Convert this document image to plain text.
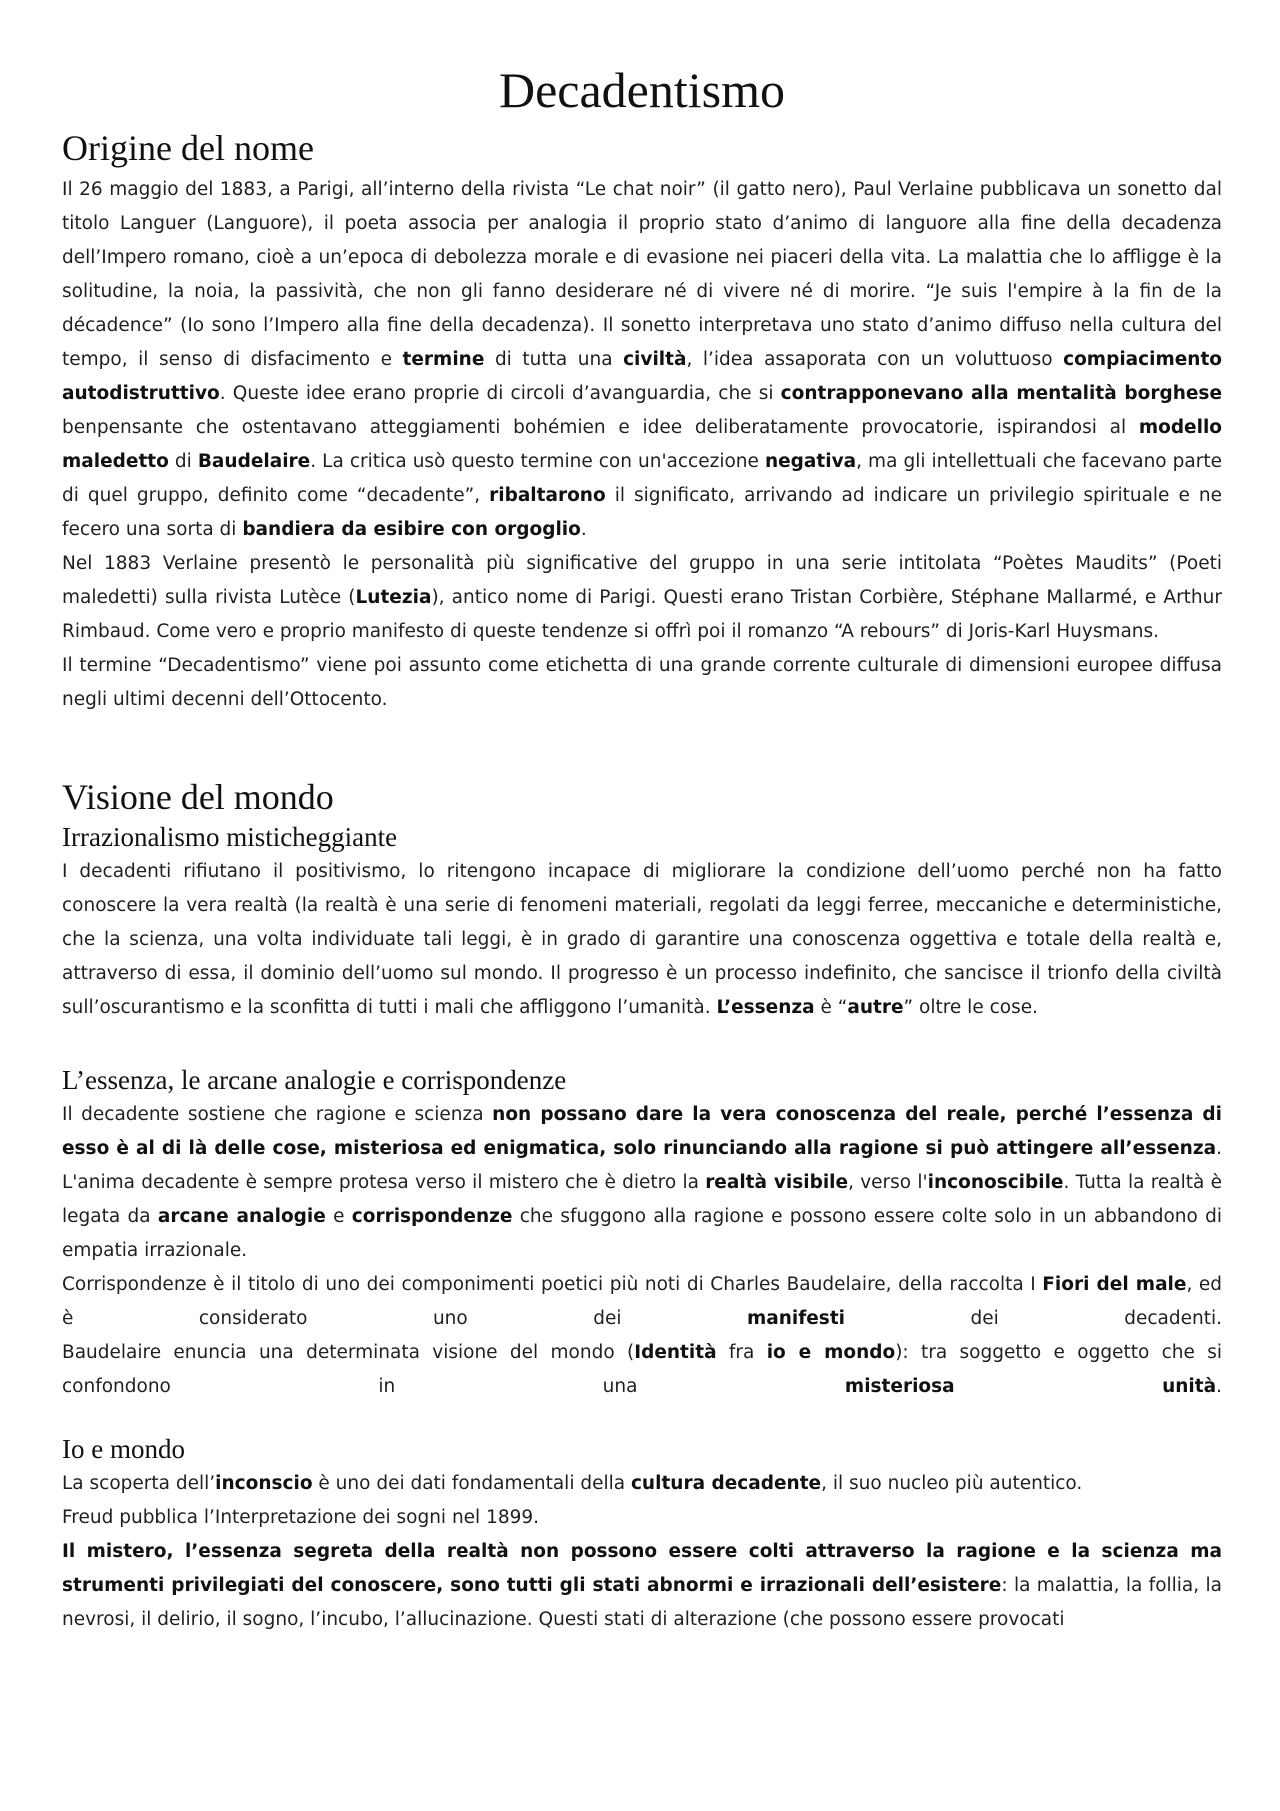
Decadentismo
Origine del nome

Il 26 maggio del 1883, a Parigi, all’interno della rivista “Le chat noir” (il gatto nero), Paul Verlaine pubblicava un sonetto dal titolo Languer (Languore), il poeta associa per analogia il proprio stato d’animo di languore alla fine della decadenza dell’Impero romano, cioè a un’epoca di debolezza morale e di evasione nei piaceri della vita. La malattia che lo affligge è la solitudine, la noia, la passività, che non gli fanno desiderare né di vivere né di morire. “Je suis l'empire à la fin de la décadence” (Io sono l’Impero alla fine della decadenza). Il sonetto interpretava uno stato d’animo diffuso nella cultura del tempo, il senso di disfacimento e termine di tutta una civiltà, l’idea assaporata con un voluttuoso compiacimento autodistruttivo. Queste idee erano proprie di circoli d’avanguardia, che si contrapponevano alla mentalità borghese benpensante che ostentavano atteggiamenti bohémien e idee deliberatamente provocatorie, ispirandosi al modello maledetto di Baudelaire. La critica usò questo termine con un'accezione negativa, ma gli intellettuali che facevano parte di quel gruppo, definito come “decadente”, ribaltarono il significato, arrivando ad indicare un privilegio spirituale e ne fecero una sorta di bandiera da esibire con orgoglio.

Nel 1883 Verlaine presentò le personalità più significative del gruppo in una serie intitolata “Poètes Maudits” (Poeti maledetti) sulla rivista Lutèce (Lutezia), antico nome di Parigi. Questi erano Tristan Corbière, Stéphane Mallarmé, e Arthur Rimbaud. Come vero e proprio manifesto di queste tendenze si offrì poi il romanzo “A rebours” di Joris-Karl Huysmans.

Il termine “Decadentismo” viene poi assunto come etichetta di una grande corrente culturale di dimensioni europee diffusa negli ultimi decenni dell’Ottocento.

Visione del mondo
Irrazionalismo misticheggiante

I decadenti rifiutano il positivismo, lo ritengono incapace di migliorare la condizione dell’uomo perché non ha fatto conoscere la vera realtà (la realtà è una serie di fenomeni materiali, regolati da leggi ferree, meccaniche e deterministiche, che la scienza, una volta individuate tali leggi, è in grado di garantire una conoscenza oggettiva e totale della realtà e, attraverso di essa, il dominio dell’uomo sul mondo. Il progresso è un processo indefinito, che sancisce il trionfo della civiltà sull’oscurantismo e la sconfitta di tutti i mali che affliggono l’umanità. L’essenza è “autre” oltre le cose.

L’essenza, le arcane analogie e corrispondenze

Il decadente sostiene che ragione e scienza non possano dare la vera conoscenza del reale, perché l’essenza di esso è al di là delle cose, misteriosa ed enigmatica, solo rinunciando alla ragione si può attingere all’essenza. L'anima decadente è sempre protesa verso il mistero che è dietro la realtà visibile, verso l'inconoscibile. Tutta la realtà è legata da arcane analogie e corrispondenze che sfuggono alla ragione e possono essere colte solo in un abbandono di empatia irrazionale.

Corrispondenze è il titolo di uno dei componimenti poetici più noti di Charles Baudelaire, della raccolta I Fiori del male, ed è considerato uno dei manifesti dei decadenti.

Baudelaire enuncia una determinata visione del mondo (Identità fra io e mondo): tra soggetto e oggetto che si confondono in una misteriosa	unità.

Io e mondo

La scoperta dell’inconscio è uno dei dati fondamentali della cultura decadente, il suo nucleo più autentico.

Freud pubblica l’Interpretazione dei sogni nel 1899.

Il mistero, l’essenza segreta della realtà non possono essere colti attraverso la ragione e la scienza ma strumenti privilegiati del conoscere, sono tutti gli stati abnormi e irrazionali dell’esistere: la malattia, la follia, la nevrosi, il delirio, il sogno, l’incubo, l’allucinazione. Questi stati di alterazione (che possono essere provocati
